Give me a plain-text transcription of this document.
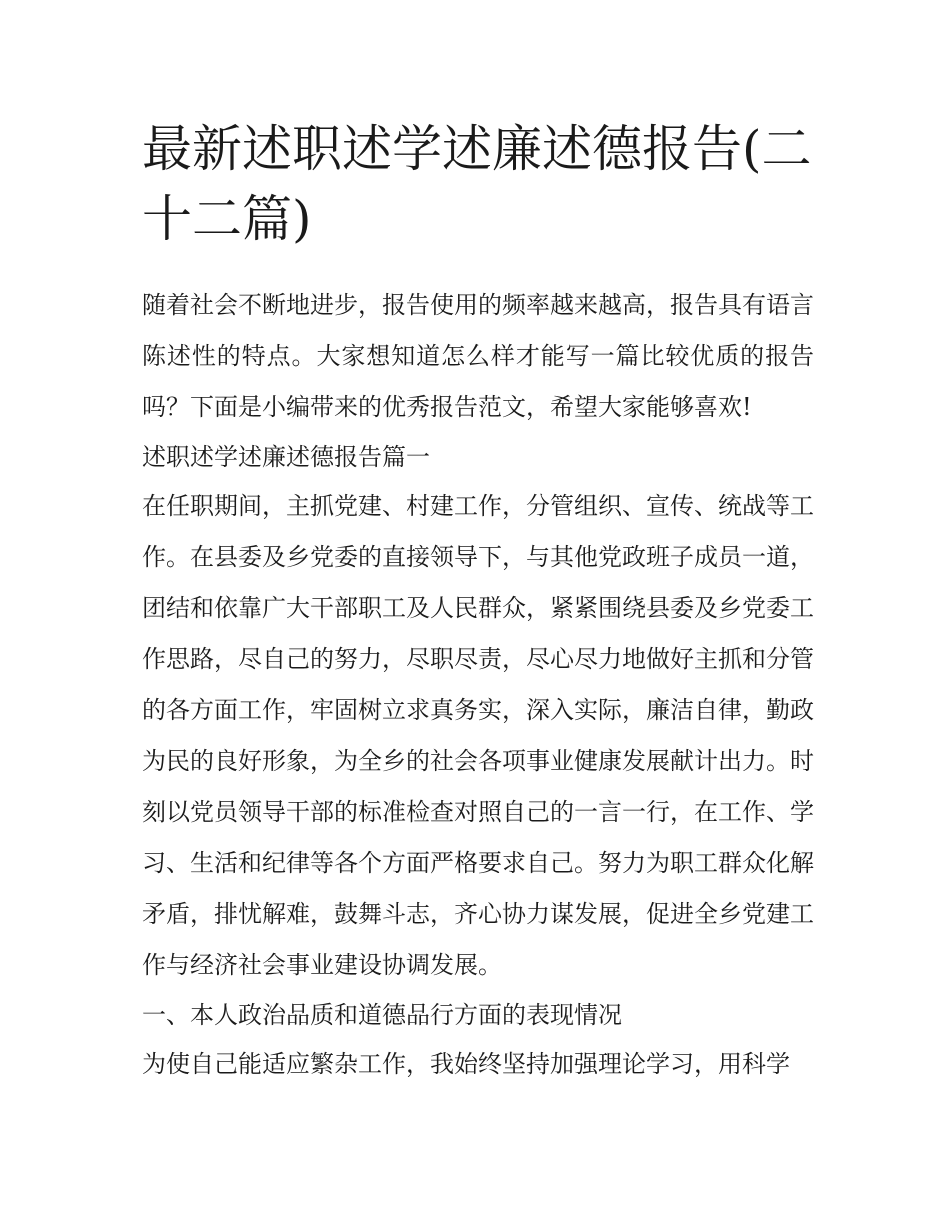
最新述职述学述廉述德报告(二十二篇)

随着社会不断地进步，报告使用的频率越来越高，报告具有语言陈述性的特点。大家想知道怎么样才能写一篇比较优质的报告吗？下面是小编带来的优秀报告范文，希望大家能够喜欢!

述职述学述廉述德报告篇一

在任职期间，主抓党建、村建工作，分管组织、宣传、统战等工作。在县委及乡党委的直接领导下，与其他党政班子成员一道，团结和依靠广大干部职工及人民群众，紧紧围绕县委及乡党委工作思路，尽自己的努力，尽职尽责，尽心尽力地做好主抓和分管的各方面工作，牢固树立求真务实，深入实际，廉洁自律，勤政为民的良好形象，为全乡的社会各项事业健康发展献计出力。时刻以党员领导干部的标准检查对照自己的一言一行，在工作、学习、生活和纪律等各个方面严格要求自己。努力为职工群众化解矛盾，排忧解难，鼓舞斗志，齐心协力谋发展，促进全乡党建工作与经济社会事业建设协调发展。

一、本人政治品质和道德品行方面的表现情况

为使自己能适应繁杂工作，我始终坚持加强理论学习，用科学
